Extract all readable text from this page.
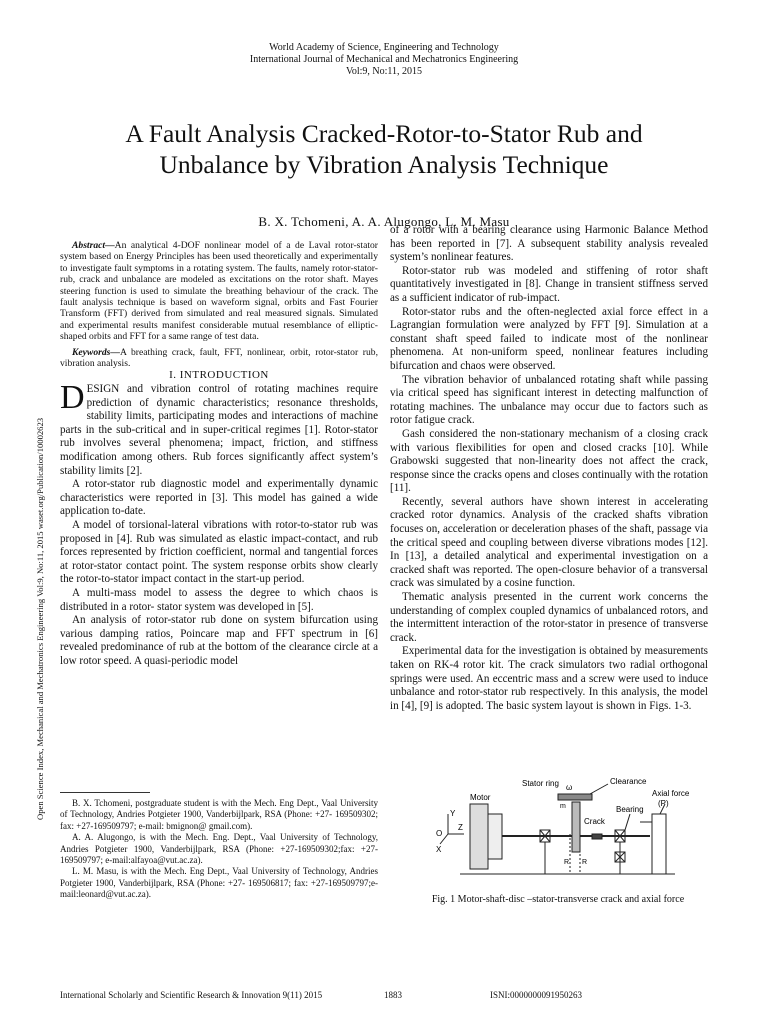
World Academy of Science, Engineering and Technology
International Journal of Mechanical and Mechatronics Engineering
Vol:9, No:11, 2015
A Fault Analysis Cracked-Rotor-to-Stator Rub and
Unbalance by Vibration Analysis Technique
B. X. Tchomeni, A. A. Alugongo, L. M. Masu
Open Science Index, Mechanical and Mechatronics Engineering Vol:9, No:11, 2015 waset.org/Publication/10002623

Abstract—An analytical 4-DOF nonlinear model of a de Laval rotor-stator system based on Energy Principles has been used theoretically and experimentally to investigate fault symptoms in a rotating system. The faults, namely rotor-stator-rub, crack and unbalance are modeled as excitations on the rotor shaft. Mayes steering function is used to simulate the breathing behaviour of the crack. The fault analysis technique is based on waveform signal, orbits and Fast Fourier Transform (FFT) derived from simulated and real measured signals. Simulated and experimental results manifest considerable mutual resemblance of elliptic-shaped orbits and FFT for a same range of test data.

Keywords—A breathing crack, fault, FFT, nonlinear, orbit, rotor-stator rub, vibration analysis.

I. INTRODUCTION

DESIGN and vibration control of rotating machines require prediction of dynamic characteristics; resonance thresholds, stability limits, participating modes and interactions of machine parts in the sub-critical and in super-critical regimes [1]. Rotor-stator rub involves several phenomena; impact, friction, and stiffness modification among others. Rub forces significantly affect system’s stability limits [2].

A rotor-stator rub diagnostic model and experimentally dynamic characteristics were reported in [3]. This model has gained a wide application to-date.

A model of torsional-lateral vibrations with rotor-to-stator rub was proposed in [4]. Rub was simulated as elastic impact-contact, and rub forces represented by friction coefficient, normal and tangential forces at rotor-stator contact point. The system response orbits show clearly the rotor-to-stator impact contact in the start-up period.

A multi-mass model to assess the degree to which chaos is distributed in a rotor- stator system was developed in [5].

An analysis of rotor-stator rub done on system bifurcation using various damping ratios, Poincare map and FFT spectrum in [6] revealed predominance of rub at the bottom of the clearance circle at a low rotor speed. A quasi-periodic model

B. X. Tchomeni, postgraduate student is with the Mech. Eng Dept., Vaal University of Technology, Andries Potgieter 1900, Vanderbijlpark, RSA (Phone: +27- 169509302; fax: +27-169509797; e-mail: bmignon@ gmail.com).

A. A. Alugongo, is with the Mech. Eng. Dept., Vaal University of Technology, Andries Potgieter 1900, Vanderbijlpark, RSA (Phone: +27-169509302;fax: +27-169509797; e-mail:alfayoa@vut.ac.za).

L. M. Masu, is with the Mech. Eng Dept., Vaal University of Technology, Andries Potgieter 1900, Vanderbijlpark, RSA (Phone: +27- 169506817; fax: +27-169509797;e-mail:leonard@vut.ac.za).

of a rotor with a bearing clearance using Harmonic Balance Method has been reported in [7]. A subsequent stability analysis revealed system’s nonlinear features.

Rotor-stator rub was modeled and stiffening of rotor shaft quantitatively investigated in [8]. Change in transient stiffness served as a sufficient indicator of rub-impact.

Rotor-stator rubs and the often-neglected axial force effect in a Lagrangian formulation were analyzed by FFT [9]. Simulation at a constant shaft speed failed to indicate most of the nonlinear phenomena. At non-uniform speed, nonlinear features including bifurcation and chaos were observed.

The vibration behavior of unbalanced rotating shaft while passing via critical speed has significant interest in detecting malfunction of rotating machines. The unbalance may occur due to factors such as rotor fatigue crack.

Gash considered the non-stationary mechanism of a closing crack with various flexibilities for open and closed cracks [10]. While Grabowski suggested that non-linearity does not affect the crack, response since the cracks opens and closes continually with the rotation [11].

Recently, several authors have shown interest in accelerating cracked rotor dynamics. Analysis of the cracked shafts vibration focuses on, acceleration or deceleration phases of the shaft, passage via the critical speed and coupling between diverse vibrations modes [12]. In [13], a detailed analytical and experimental investigation on a cracked shaft was reported. The open-closure behavior of a transversal crack was simulated by a cosine function.

Thematic analysis presented in the current work concerns the understanding of complex coupled dynamics of unbalanced rotors, and the intermittent interaction of the rotor-stator in presence of transverse crack.

Experimental data for the investigation is obtained by measurements taken on RK-4 rotor kit. The crack simulators two radial orthogonal springs were used. An eccentric mass and a screw were used to induce unbalance and rotor-stator rub respectively. In this analysis, the model in [4], [9] is adopted. The basic system layout is shown in Figs. 1-3.

Stator ring ω
Clearance
Motor
m	Bearing
Axial force
(P)
Crack
Y
Z
O
X
R R
Fig. 1 Motor-shaft-disc –stator-transverse crack and axial force
International Scholarly and Scientific Research & Innovation 9(11) 2015	1883	ISNI:0000000091950263
